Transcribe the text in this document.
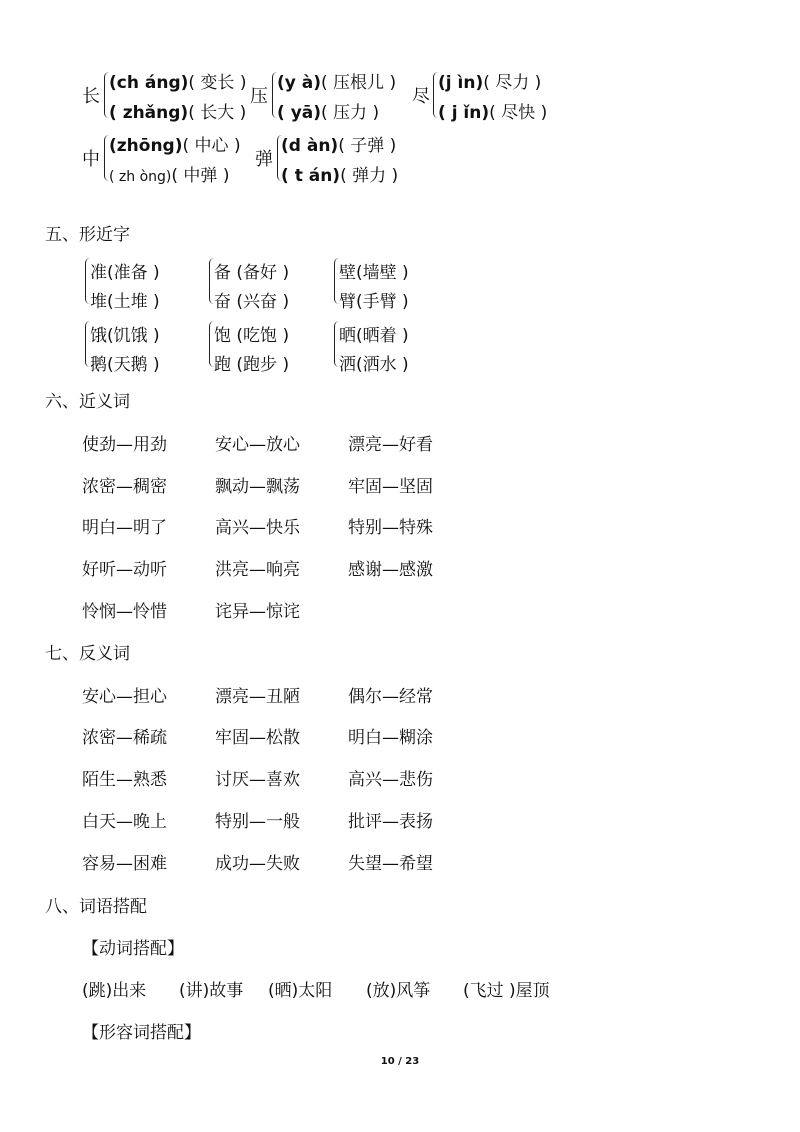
长
(ch áng)( 变长 )
( zhǎng)( 长大 )
压
(y à)( 压根儿 )
( yā)( 压力 )
尽
(j ìn)( 尽力 )
( j ǐn)( 尽快 )
中
(zhōng)( 中心 )
( zh òng)( 中弹 )
弹
(d àn)( 子弹 )
( t án)( 弹力 )
五、形近字
准(准备 )
堆(土堆 )
备 (备好 )
奋 (兴奋 )
壁(墙壁 )
臂(手臂 )
饿(饥饿 )
鹅(天鹅 )
饱 (吃饱 )
跑 (跑步 )
晒(晒着 )
洒(洒水 )
六、近义词
使劲—用劲	安心—放心	漂亮—好看
浓密—稠密	飘动—飘荡	牢固—坚固
明白—明了	高兴—快乐	特别—特殊
好听—动听	洪亮—响亮	感谢—感激
怜悯—怜惜	诧异—惊诧
七、反义词
安心—担心	漂亮—丑陋	偶尔—经常
浓密—稀疏	牢固—松散	明白—糊涂
陌生—熟悉	讨厌—喜欢	高兴—悲伤
白天—晚上	特别—一般	批评—表扬
容易—困难	成功—失败	失望—希望
八、词语搭配
【动词搭配】
(跳)出来 (讲)故事 (晒)太阳 (放)风筝 (飞过 )屋顶
【形容词搭配】
10 / 23
